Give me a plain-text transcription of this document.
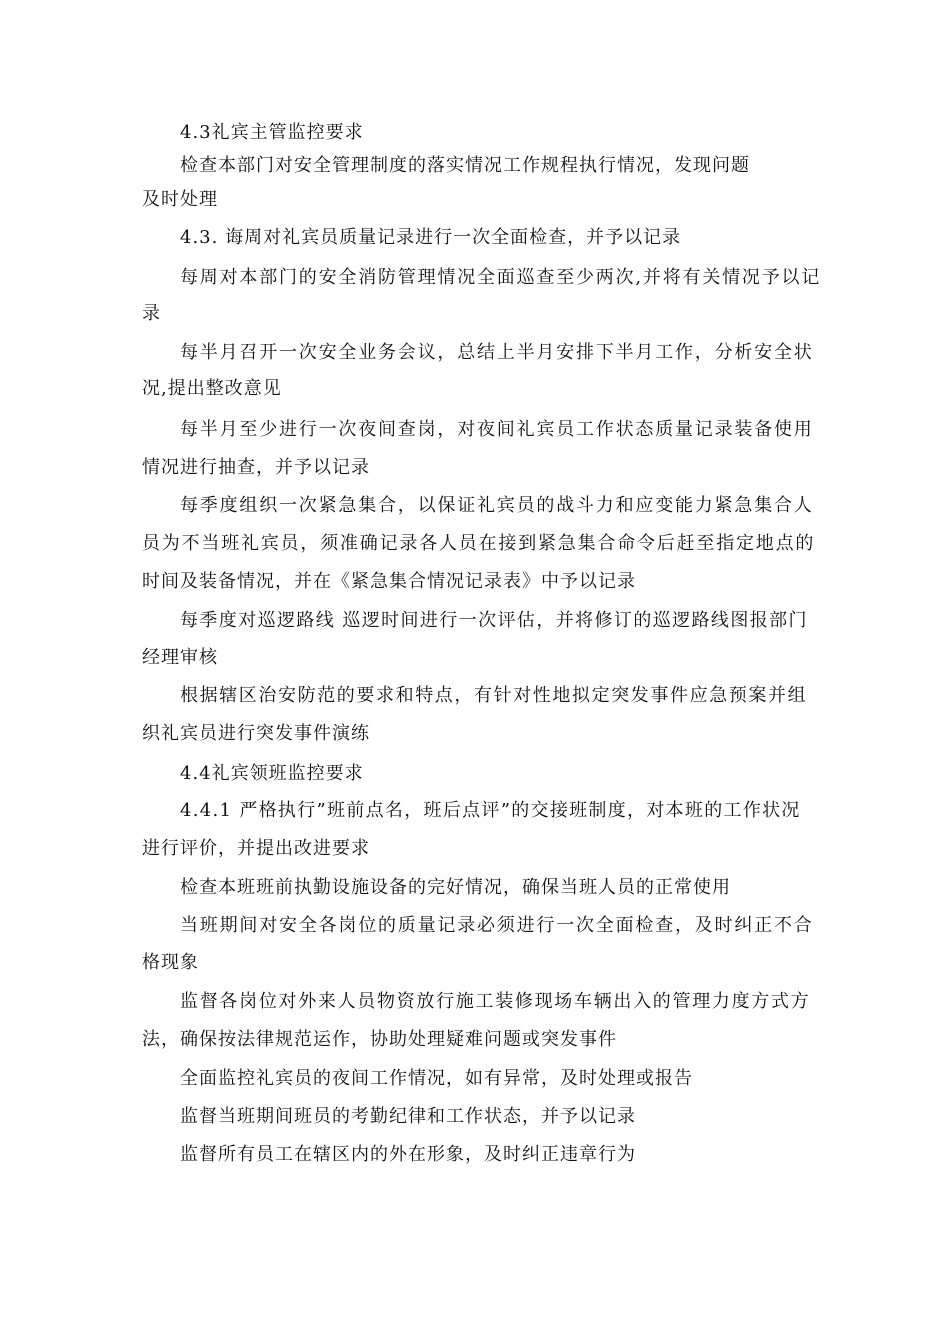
4.3礼宾主管监控要求
检查本部门对安全管理制度的落实情况工作规程执行情况，发现问题
及时处理
4.3. 诲周对礼宾员质量记录进行一次全面检查，并予以记录
每周对本部门的安全消防管理情况全面巡查至少两次,并将有关情况予以记
录
每半月召开一次安全业务会议，总结上半月安排下半月工作，分析安全状
况,提出整改意见
每半月至少进行一次夜间查岗，对夜间礼宾员工作状态质量记录装备使用
情况进行抽查，并予以记录
每季度组织一次紧急集合，以保证礼宾员的战斗力和应变能力紧急集合人
员为不当班礼宾员，须准确记录各人员在接到紧急集合命令后赶至指定地点的
时间及装备情况，并在《紧急集合情况记录表》中予以记录
每季度对巡逻路线 巡逻时间进行一次评估，并将修订的巡逻路线图报部门
经理审核
根据辖区治安防范的要求和特点，有针对性地拟定突发事件应急预案并组
织礼宾员进行突发事件演练
4.4礼宾领班监控要求
4.4.1 严格执行”班前点名，班后点评”的交接班制度，对本班的工作状况
进行评价，并提出改进要求
检查本班班前执勤设施设备的完好情况，确保当班人员的正常使用
当班期间对安全各岗位的质量记录必须进行一次全面检查，及时纠正不合
格现象
监督各岗位对外来人员物资放行施工装修现场车辆出入的管理力度方式方
法，确保按法律规范运作，协助处理疑难问题或突发事件
全面监控礼宾员的夜间工作情况，如有异常，及时处理或报告
监督当班期间班员的考勤纪律和工作状态，并予以记录
监督所有员工在辖区内的外在形象，及时纠正违章行为
